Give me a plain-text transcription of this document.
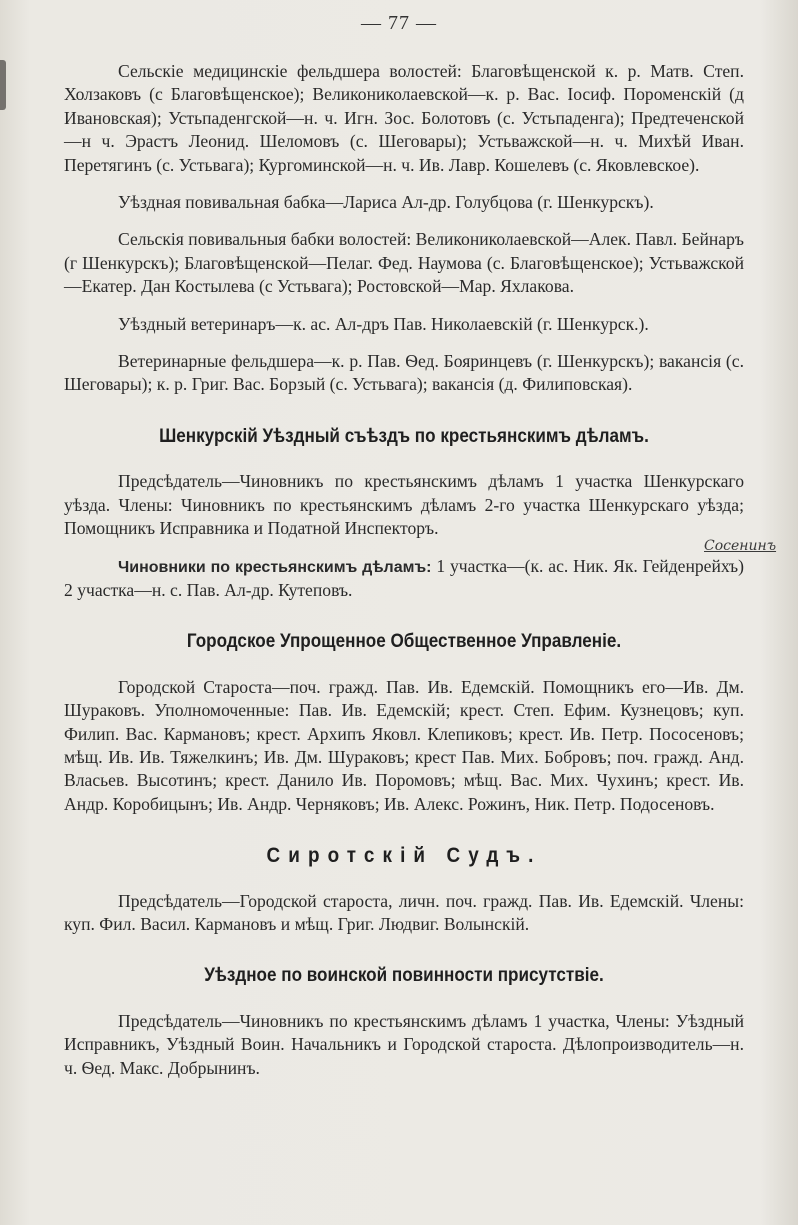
— 77 —

Сельскіе медицинскіе фельдшера волостей: Благовѣщенской к. р. Матв. Степ. Холзаковъ (с Благовѣщенское); Великониколаевской—к. р. Вас. Іосиф. Пороменскій (д Ивановская); Устьпаденгской—н. ч. Игн. Зос. Болотовъ (с. Устьпаденга); Предтеченской—н ч. Эрастъ Леонид. Шеломовъ (с. Шеговары); Устьважской—н. ч. Михѣй Иван. Перетягинъ (с. Устьвага); Кургоминской—н. ч. Ив. Лавр. Кошелевъ (с. Яковлевское).

Уѣздная повивальная бабка—Лариса Ал-др. Голубцова (г. Шенкурскъ).

Сельскія повивальныя бабки волостей: Великониколаевской—Алек. Павл. Бейнаръ (г Шенкурскъ); Благовѣщенской—Пелаг. Фед. Наумова (с. Благовѣщенское); Устьважской—Екатер. Дан Костылева (с Устьвага); Ростовской—Мар. Яхлакова.

Уѣздный ветеринаръ—к. ас. Ал-дръ Пав. Николаевскій (г. Шенкурск.).

Ветеринарные фельдшера—к. р. Пав. Ѳед. Бояринцевъ (г. Шенкурскъ); вакансія (с. Шеговары); к. р. Григ. Вас. Борзый (с. Устьвага); вакансія (д. Филиповская).

Шенкурскій Уѣздный съѣздъ по крестьянскимъ дѣламъ.

Предсѣдатель—Чиновникъ по крестьянскимъ дѣламъ 1 участка Шенкурскаго уѣзда. Члены: Чиновникъ по крестьянскимъ дѣламъ 2-го участка Шенкурскаго уѣзда; Помощникъ Исправника и Податной Инспекторъ.

Сосенинъ
Чиновники по крестьянскимъ дѣламъ: 1 участка—(к. ас. Ник. Як. Гейденрейхъ) 2 участка—н. с. Пав. Ал-др. Кутеповъ.

Городское Упрощенное Общественное Управленіе.

Городской Староста—поч. гражд. Пав. Ив. Едемскій. Помощникъ его—Ив. Дм. Шураковъ. Уполномоченные: Пав. Ив. Едемскій; крест. Степ. Ефим. Кузнецовъ; куп. Филип. Вас. Кармановъ; крест. Архипъ Яковл. Клепиковъ; крест. Ив. Петр. Пососеновъ; мѣщ. Ив. Ив. Тяжелкинъ; Ив. Дм. Шураковъ; крест Пав. Мих. Бобровъ; поч. гражд. Анд. Власьев. Высотинъ; крест. Данило Ив. Поромовъ; мѣщ. Вас. Мих. Чухинъ; крест. Ив. Андр. Коробицынъ; Ив. Андр. Черняковъ; Ив. Алекс. Рожинъ, Ник. Петр. Подосеновъ.

Сиротскій Судъ.

Предсѣдатель—Городской староста, личн. поч. гражд. Пав. Ив. Едемскій. Члены: куп. Фил. Васил. Кармановъ и мѣщ. Григ. Людвиг. Волынскій.

Уѣздное по воинской повинности присутствіе.

Предсѣдатель—Чиновникъ по крестьянскимъ дѣламъ 1 участка, Члены: Уѣздный Исправникъ, Уѣздный Воин. Начальникъ и Городской староста. Дѣлопроизводитель—н. ч. Ѳед. Макс. Добрынинъ.
